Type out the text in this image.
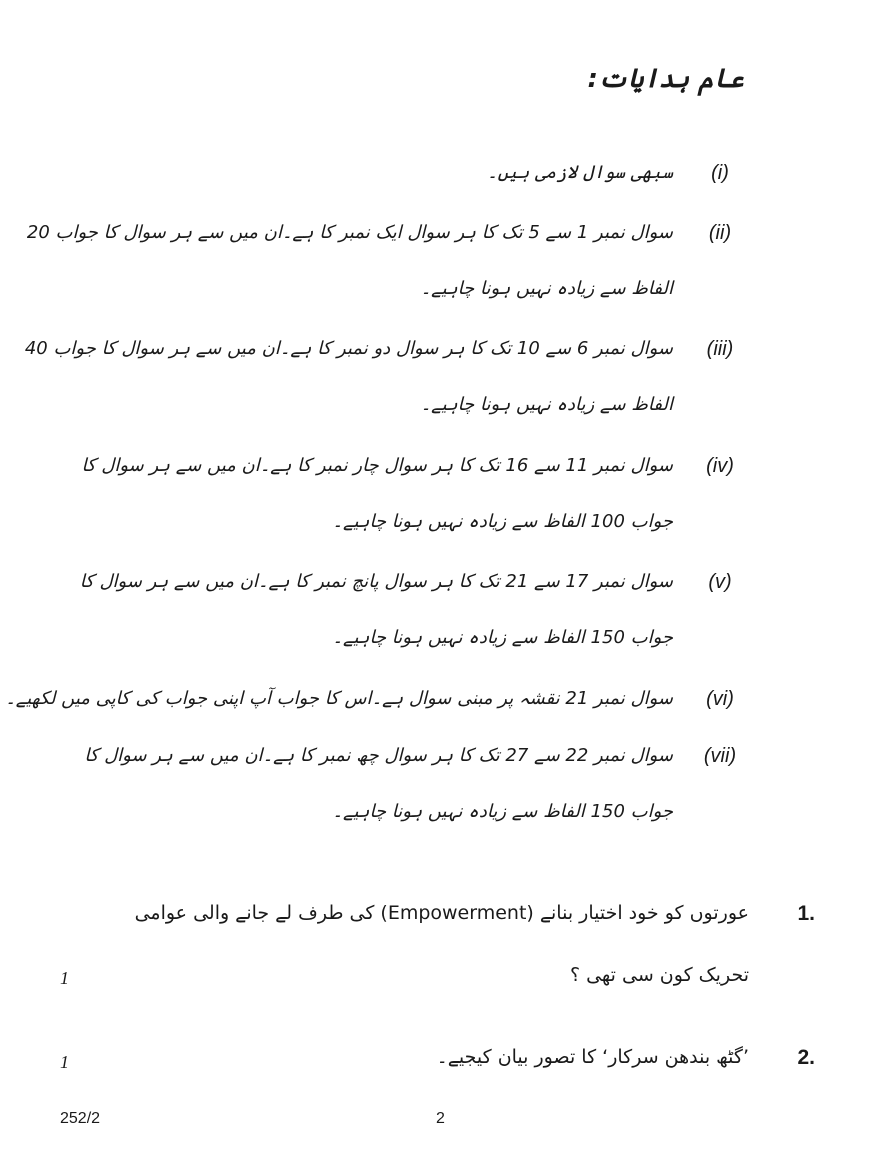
عام ہدایات:
(i)
سبھی سوال لازمی ہیں۔
(ii)
سوال نمبر 1 سے 5 تک کا ہر سوال ایک نمبر کا ہے۔ان میں سے ہر سوال کا جواب 20
الفاظ سے زیادہ نہیں ہونا چاہیے۔
(iii)
سوال نمبر 6 سے 10 تک کا ہر سوال دو نمبر کا ہے۔ان میں سے ہر سوال کا جواب 40
الفاظ سے زیادہ نہیں ہونا چاہیے۔
(iv)
سوال نمبر 11 سے 16 تک کا ہر سوال چار نمبر کا ہے۔ان میں سے ہر سوال کا
جواب 100 الفاظ سے زیادہ نہیں ہونا چاہیے۔
(v)
سوال نمبر 17 سے 21 تک کا ہر سوال پانچ نمبر کا ہے۔ان میں سے ہر سوال کا
جواب 150 الفاظ سے زیادہ نہیں ہونا چاہیے۔
(vi)
سوال نمبر 21 نقشہ پر مبنی سوال ہے۔اس کا جواب آپ اپنی جواب کی کاپی میں لکھیے۔
(vii)
سوال نمبر 22 سے 27 تک کا ہر سوال چھ نمبر کا ہے۔ان میں سے ہر سوال کا
جواب 150 الفاظ سے زیادہ نہیں ہونا چاہیے۔
1.
عورتوں کو خود اختیار بنانے (Empowerment) کی طرف لے جانے والی عوامی
تحریک کون سی تھی ؟
1
2.
’گٹھ بندھن سرکار‘ کا تصور بیان کیجیے۔
1
252/2	2
